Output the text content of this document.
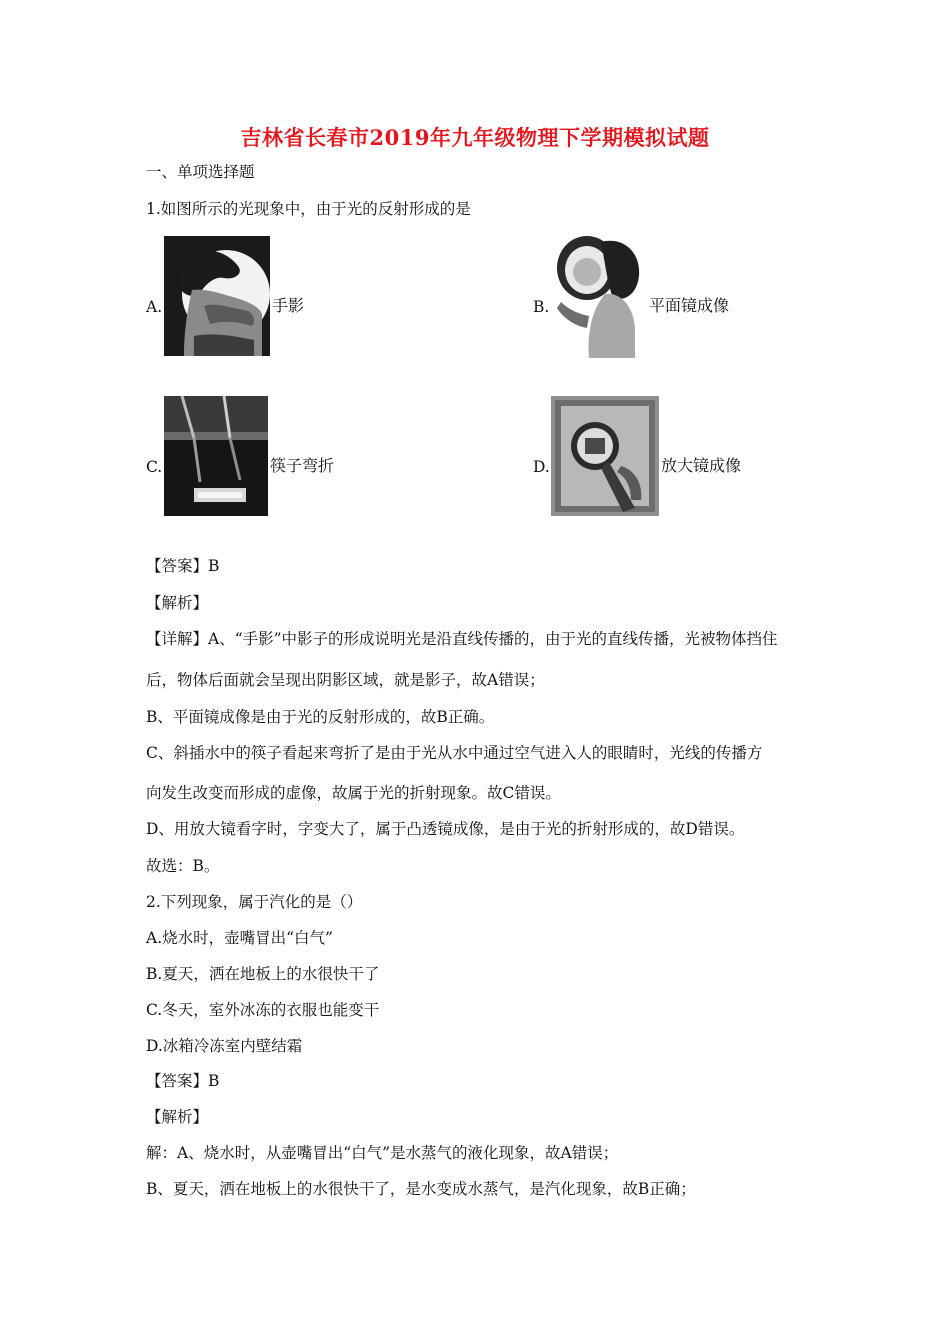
吉林省长春市2019年九年级物理下学期模拟试题
一、单项选择题
1.如图所示的光现象中，由于光的反射形成的是
A.	手影	B.	平面镜成像
C.	筷子弯折	D.	放大镜成像
【答案】B
【解析】
【详解】A、“手影”中影子的形成说明光是沿直线传播的，由于光的直线传播，光被物体挡住
后，物体后面就会呈现出阴影区域，就是影子，故A错误；
B、平面镜成像是由于光的反射形成的，故B正确。
C、斜插水中的筷子看起来弯折了是由于光从水中通过空气进入人的眼睛时，光线的传播方
向发生改变而形成的虚像，故属于光的折射现象。故C错误。
D、用放大镜看字时，字变大了，属于凸透镜成像，是由于光的折射形成的，故D错误。
故选：B。
2.下列现象，属于汽化的是（）
A.烧水时，壶嘴冒出“白气”
B.夏天，洒在地板上的水很快干了
C.冬天，室外冰冻的衣服也能变干
D.冰箱冷冻室内壁结霜
【答案】B
【解析】
解：A、烧水时，从壶嘴冒出“白气”是水蒸气的液化现象，故A错误；
B、夏天，洒在地板上的水很快干了，是水变成水蒸气，是汽化现象，故B正确；
